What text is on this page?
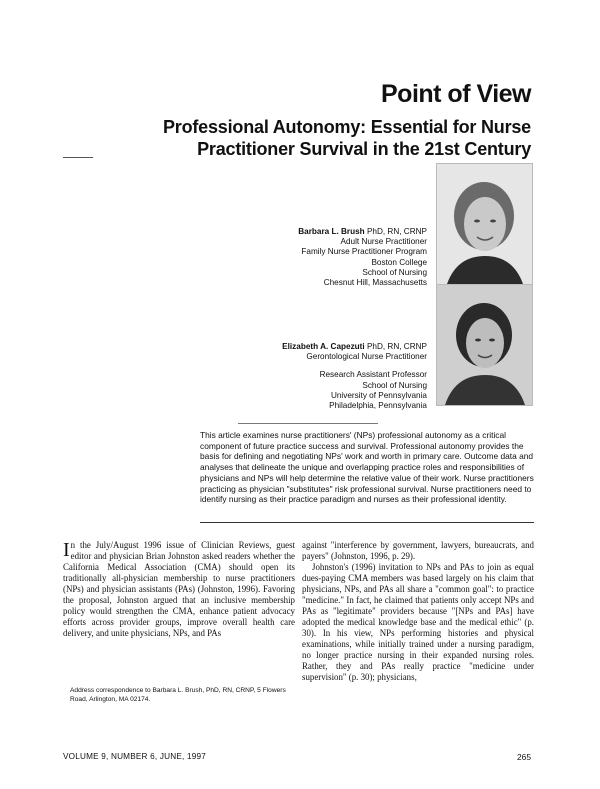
Point of View
Professional Autonomy: Essential for Nurse
Practitioner Survival in the 21st Century
Barbara L. Brush PhD, RN, CRNP
Adult Nurse Practitioner
Family Nurse Practitioner Program
Boston College
School of Nursing
Chesnut Hill, Massachusetts
Elizabeth A. Capezuti PhD, RN, CRNP
Gerontological Nurse Practitioner
Research Assistant Professor
School of Nursing
University of Pennsylvania
Philadelphia, Pennsylvania

This article examines nurse practitioners' (NPs) professional autonomy as a critical component of future practice success and survival. Professional autonomy provides the basis for defining and negotiating NPs' work and worth in primary care. Outcome data and analyses that delineate the unique and overlapping practice roles and responsibilities of physicians and NPs will help determine the relative value of their work. Nurse practitioners practicing as physician "substitutes" risk professional survival. Nurse practitioners need to identify nursing as their practice paradigm and nurses as their professional identity.

In the July/August 1996 issue of Clinician Reviews, guest editor and physician Brian Johnston asked readers whether the California Medical Association (CMA) should open its traditionally all-physician membership to nurse practitioners (NPs) and physician assistants (PAs) (Johnston, 1996). Favoring the proposal, Johnston argued that an inclusive membership policy would strengthen the CMA, enhance patient advocacy efforts across provider groups, improve overall health care delivery, and unite physicians, NPs, and PAs

against "interference by government, lawyers, bureaucrats, and payers" (Johnston, 1996, p. 29).

Johnston's (1996) invitation to NPs and PAs to join as equal dues-paying CMA members was based largely on his claim that physicians, NPs, and PAs all share a "common goal": to practice "medicine." In fact, he claimed that patients only accept NPs and PAs as "legitimate" providers because "[NPs and PAs] have adopted the medical knowledge base and the medical ethic" (p. 30). In his view, NPs performing histories and physical examinations, while initially trained under a nursing paradigm, no longer practice nursing in their expanded nursing roles. Rather, they and PAs really practice "medicine under supervision" (p. 30); physicians,

Address correspondence to Barbara L. Brush, PhD, RN, CRNP, 5 Flowers Road, Arlington, MA 02174.

VOLUME 9, NUMBER 6, JUNE, 1997	265
